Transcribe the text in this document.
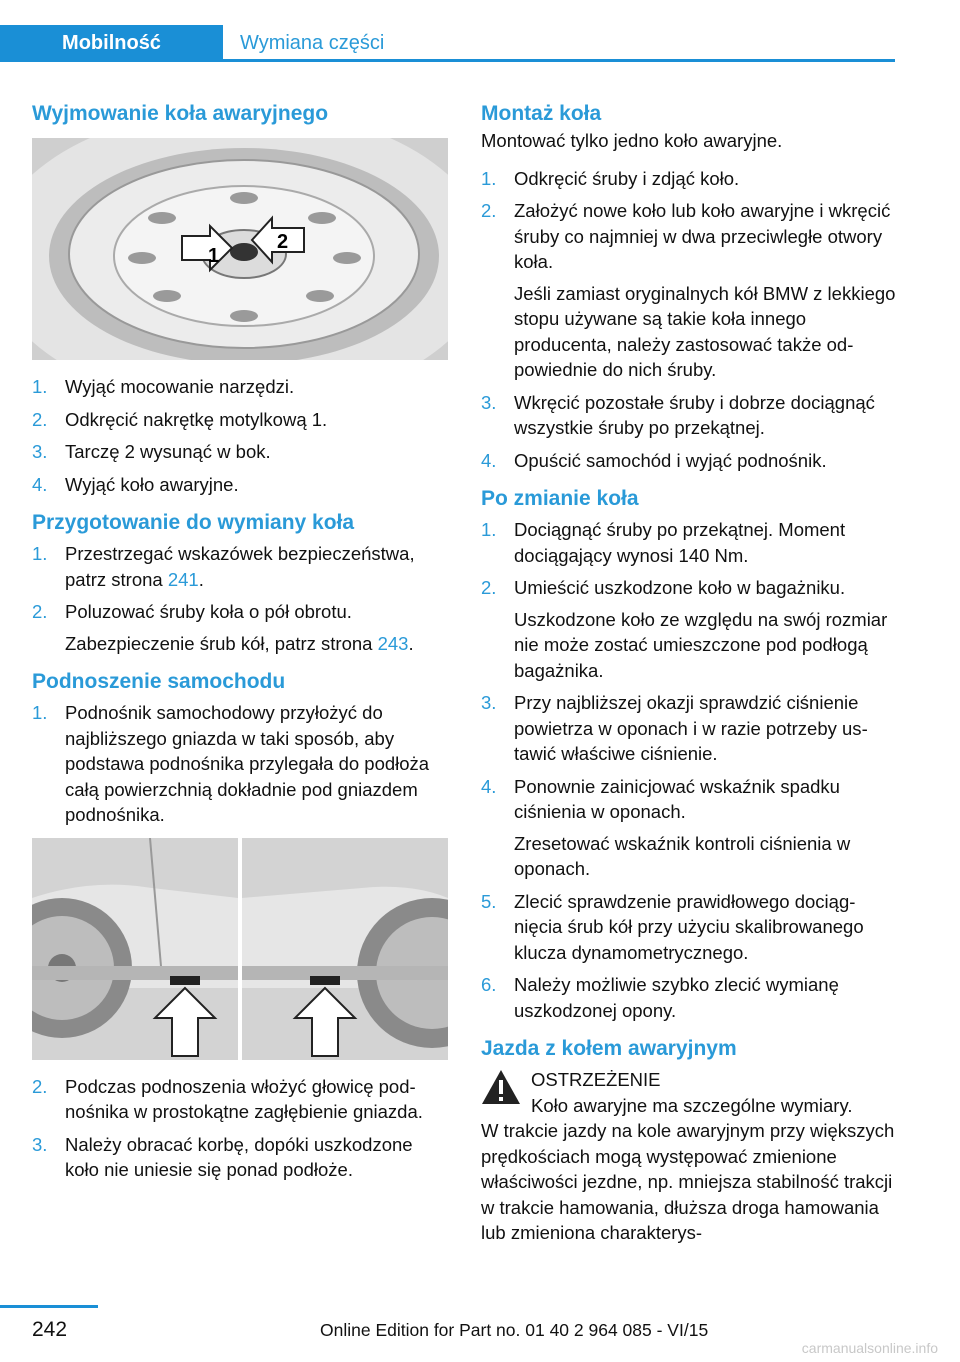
Mobilność	Wymiana części
Wyjmowanie koła awaryjnego
1
2
1. Wyjąć mocowanie narzędzi.
2. Odkręcić nakrętkę motylkową 1.
3. Tarczę 2 wysunąć w bok.
4. Wyjąć koło awaryjne.
Przygotowanie do wymiany koła
1. Przestrzegać wskazówek bezpieczeństwa, patrz strona 241.
2. Poluzować śruby koła o pół obrotu.
Zabezpieczenie śrub kół, patrz strona 243.
Podnoszenie samochodu
1. Podnośnik samochodowy przyłożyć do najbliższego gniazda w taki sposób, aby podstawa podnośnika przylegała do podłoża całą powierzchnią dokładnie pod gniazdem podnośnika.
2. Podczas podnoszenia włożyć głowicę podnośnika w prostokątne zagłębienie gniazda.
3. Należy obracać korbę, dopóki uszkodzone koło nie uniesie się ponad podłoże.
Montaż koła
Montować tylko jedno koło awaryjne.
1. Odkręcić śruby i zdjąć koło.
2. Założyć nowe koło lub koło awaryjne i wkręcić śruby co najmniej w dwa przeciwległe otwory koła.
Jeśli zamiast oryginalnych kół BMW z lekkiego stopu używane są takie koła innego producenta, należy zastosować także odpowiednie do nich śruby.
3. Wkręcić pozostałe śruby i dobrze dociągnąć wszystkie śruby po przekątnej.
4. Opuścić samochód i wyjąć podnośnik.
Po zmianie koła
1. Dociągnąć śruby po przekątnej. Moment dociągający wynosi 140 Nm.
2. Umieścić uszkodzone koło w bagażniku.
Uszkodzone koło ze względu na swój rozmiar nie może zostać umieszczone pod podłogą bagażnika.
3. Przy najbliższej okazji sprawdzić ciśnienie powietrza w oponach i w razie potrzeby ustawić właściwe ciśnienie.
4. Ponownie zainicjować wskaźnik spadku ciśnienia w oponach.
Zresetować wskaźnik kontroli ciśnienia w oponach.
5. Zlecić sprawdzenie prawidłowego dociągnięcia śrub kół przy użyciu skalibrowanego klucza dynamometrycznego.
6. Należy możliwie szybko zlecić wymianę uszkodzonej opony.
Jazda z kołem awaryjnym
OSTRZEŻENIE
Koło awaryjne ma szczególne wymiary.
W trakcie jazdy na kole awaryjnym przy większych prędkościach mogą występować zmienione właściwości jezdne, np. mniejsza stabilność trakcji w trakcie hamowania, dłuższa droga hamowania lub zmieniona charakterys-
242	Online Edition for Part no. 01 40 2 964 085 - VI/15
carmanualsonline.info
